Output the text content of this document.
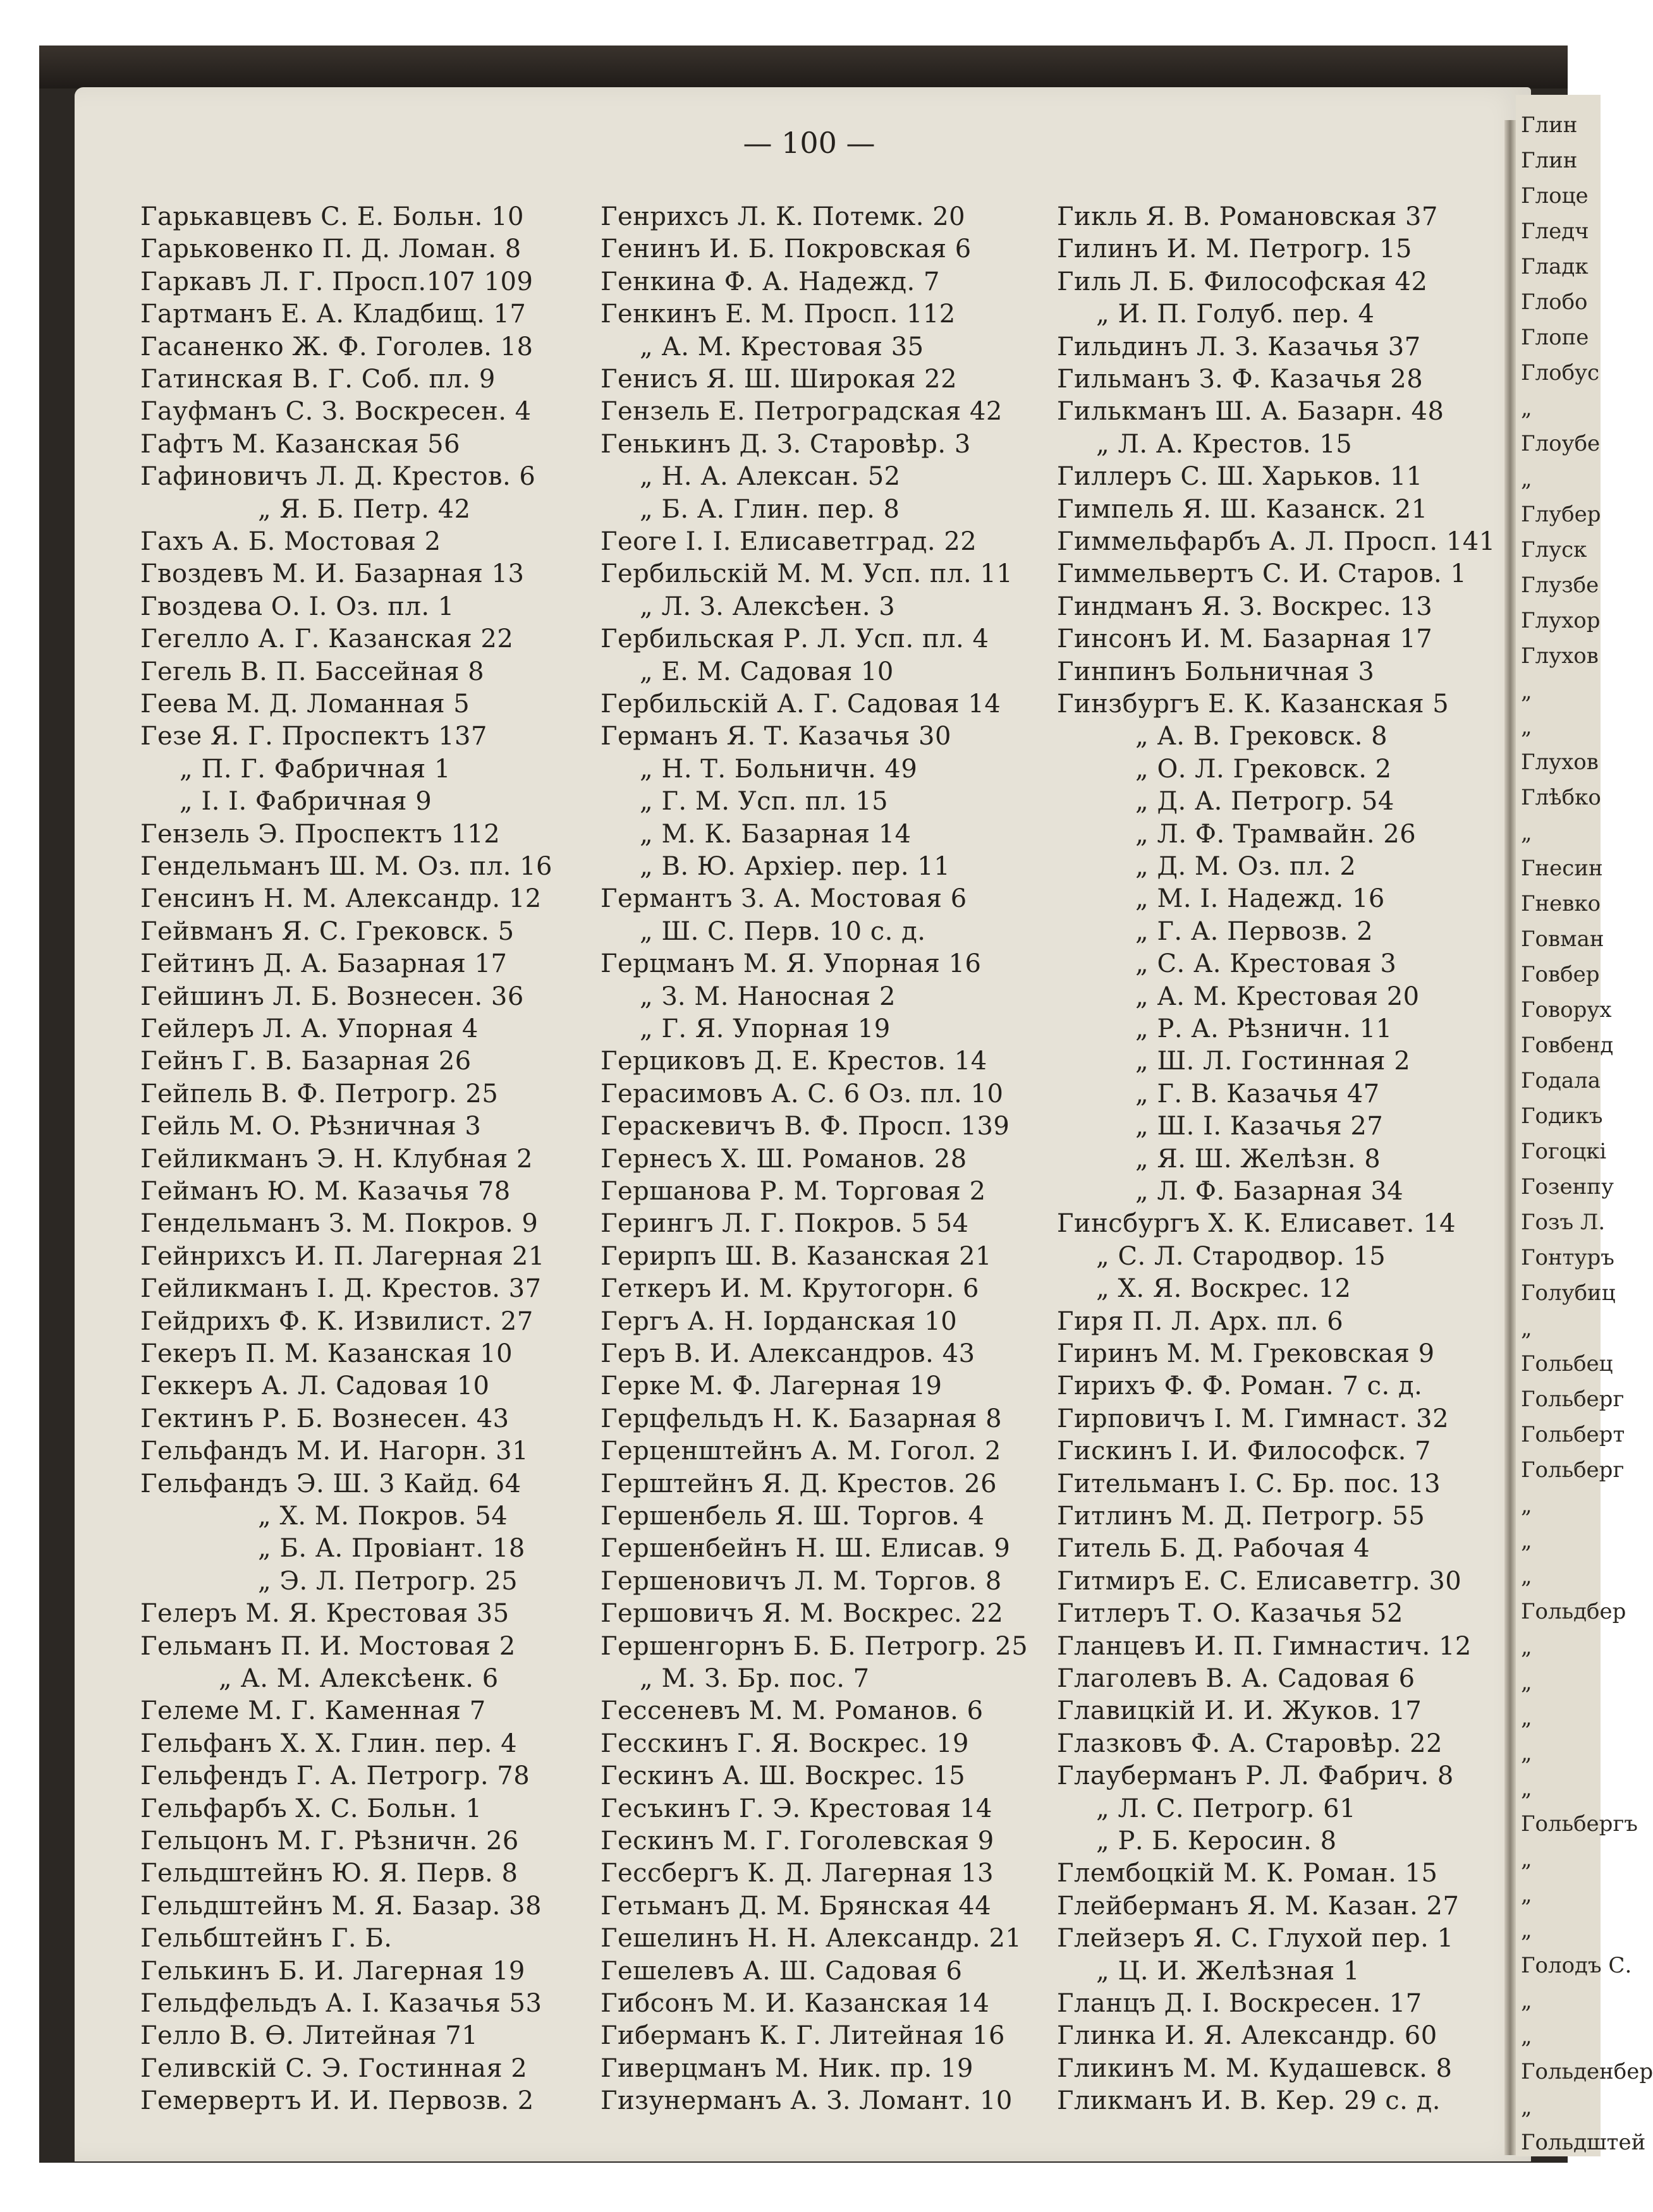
Глин
Глин
Глоце
Гледч
Гладк
Глобо
Глопе
Глобус
„
Глоубе
„
Глубер
Глуск
Глузбе
Глухор
Глухов
„
„
Глухов
Глѣбко
„
Гнесин
Гневко
Говман
Говбер
Говорух
Говбенд
Годала
Годикъ
Гогоцкі
Гозенпу
Гозъ Л.
Гонтуръ
Голубиц
„
Гольбец
Гольберг
Гольберт
Гольберг
„
„
„
Гольдбер
„
„
„
„
„
Гольбергъ
„
„
„
Голодъ С.
„
„
Гольденбер
„
Гольдштей
— 100 —
Гарькавцевъ С. Е. Больн. 10
Гарьковенко П. Д. Ломан. 8
Гаркавъ Л. Г. Просп.107 109
Гартманъ Е. А. Кладбищ. 17
Гасаненко Ж. Ф. Гоголев. 18
Гатинская В. Г. Соб. пл. 9
Гауфманъ С. З. Воскресен. 4
Гафтъ М. Казанская 56
Гафиновичъ Л. Д. Крестов. 6
„ Я. Б. Петр. 42
Гахъ А. Б. Мостовая 2
Гвоздевъ М. И. Базарная 13
Гвоздева О. І. Оз. пл. 1
Гегелло А. Г. Казанская 22
Гегель В. П. Бассейная 8
Геева М. Д. Ломанная 5
Гезе Я. Г. Проспектъ 137
„ П. Г. Фабричная 1
„ І. І. Фабричная 9
Гензель Э. Проспектъ 112
Гендельманъ Ш. М. Оз. пл. 16
Генсинъ Н. М. Александр. 12
Гейвманъ Я. С. Грековск. 5
Гейтинъ Д. А. Базарная 17
Гейшинъ Л. Б. Вознесен. 36
Гейлеръ Л. А. Упорная 4
Гейнъ Г. В. Базарная 26
Гейпель В. Ф. Петрогр. 25
Гейль М. О. Рѣзничная 3
Гейликманъ Э. Н. Клубная 2
Гейманъ Ю. М. Казачья 78
Гендельманъ З. М. Покров. 9
Гейнрихсъ И. П. Лагерная 21
Гейликманъ І. Д. Крестов. 37
Гейдрихъ Ф. К. Извилист. 27
Гекеръ П. М. Казанская 10
Геккеръ А. Л. Садовая 10
Гектинъ Р. Б. Вознесен. 43
Гельфандъ М. И. Нагорн. 31
Гельфандъ Э. Ш. 3 Кайд. 64
„ Х. М. Покров. 54
„ Б. А. Провіант. 18
„ Э. Л. Петрогр. 25
Гелеръ М. Я. Крестовая 35
Гельманъ П. И. Мостовая 2
„ А. М. Алексѣенк. 6
Гелеме М. Г. Каменная 7
Гельфанъ Х. Х. Глин. пер. 4
Гельфендъ Г. А. Петрогр. 78
Гельфарбъ Х. С. Больн. 1
Гельцонъ М. Г. Рѣзничн. 26
Гельдштейнъ Ю. Я. Перв. 8
Гельдштейнъ М. Я. Базар. 38
Гельбштейнъ Г. Б.
Гелькинъ Б. И. Лагерная 19
Гельдфельдъ А. І. Казачья 53
Гелло В. Ѳ. Литейная 71
Геливскій С. Э. Гостинная 2
Гемервертъ И. И. Первозв. 2
Генрихсъ Л. К. Потемк. 20
Генинъ И. Б. Покровская 6
Генкина Ф. А. Надежд. 7
Генкинъ Е. М. Просп. 112
„ А. М. Крестовая 35
Генисъ Я. Ш. Широкая 22
Гензель Е. Петроградская 42
Генькинъ Д. З. Старовѣр. 3
„ Н. А. Алексан. 52
„ Б. А. Глин. пер. 8
Геоге І. І. Елисаветград. 22
Гербильскій М. М. Усп. пл. 11
„ Л. З. Алексѣен. 3
Гербильская Р. Л. Усп. пл. 4
„ Е. М. Садовая 10
Гербильскій А. Г. Садовая 14
Германъ Я. Т. Казачья 30
„ Н. Т. Больничн. 49
„ Г. М. Усп. пл. 15
„ М. К. Базарная 14
„ В. Ю. Архіер. пер. 11
Германтъ З. А. Мостовая 6
„ Ш. С. Перв. 10 с. д.
Герцманъ М. Я. Упорная 16
„ З. М. Наносная 2
„ Г. Я. Упорная 19
Герциковъ Д. Е. Крестов. 14
Герасимовъ А. С. 6 Оз. пл. 10
Гераскевичъ В. Ф. Просп. 139
Гернесъ Х. Ш. Романов. 28
Гершанова Р. М. Торговая 2
Герингъ Л. Г. Покров. 5 54
Герирпъ Ш. В. Казанская 21
Геткеръ И. М. Крутогорн. 6
Гергъ А. Н. Іорданская 10
Геръ В. И. Александров. 43
Герке М. Ф. Лагерная 19
Герцфельдъ Н. К. Базарная 8
Герценштейнъ А. М. Гогол. 2
Герштейнъ Я. Д. Крестов. 26
Гершенбель Я. Ш. Торгов. 4
Гершенбейнъ Н. Ш. Елисав. 9
Гершеновичъ Л. М. Торгов. 8
Гершовичъ Я. М. Воскрес. 22
Гершенгорнъ Б. Б. Петрогр. 25
„ М. З. Бр. пос. 7
Гессеневъ М. М. Романов. 6
Гесскинъ Г. Я. Воскрес. 19
Гескинъ А. Ш. Воскрес. 15
Гесъкинъ Г. Э. Крестовая 14
Гескинъ М. Г. Гоголевская 9
Гессбергъ К. Д. Лагерная 13
Гетьманъ Д. М. Брянская 44
Гешелинъ Н. Н. Александр. 21
Гешелевъ А. Ш. Садовая 6
Гибсонъ М. И. Казанская 14
Гиберманъ К. Г. Литейная 16
Гиверцманъ М. Ник. пр. 19
Гизунерманъ А. З. Ломант. 10
Гикль Я. В. Романовская 37
Гилинъ И. М. Петрогр. 15
Гиль Л. Б. Философская 42
„ И. П. Голуб. пер. 4
Гильдинъ Л. З. Казачья 37
Гильманъ З. Ф. Казачья 28
Гилькманъ Ш. А. Базарн. 48
„ Л. А. Крестов. 15
Гиллеръ С. Ш. Харьков. 11
Гимпель Я. Ш. Казанск. 21
Гиммельфарбъ А. Л. Просп. 141
Гиммельвертъ С. И. Старов. 1
Гиндманъ Я. З. Воскрес. 13
Гинсонъ И. М. Базарная 17
Гинпинъ Больничная 3
Гинзбургъ Е. К. Казанская 5
„ А. В. Грековск. 8
„ О. Л. Грековск. 2
„ Д. А. Петрогр. 54
„ Л. Ф. Трамвайн. 26
„ Д. М. Оз. пл. 2
„ М. І. Надежд. 16
„ Г. А. Первозв. 2
„ С. А. Крестовая 3
„ А. М. Крестовая 20
„ Р. А. Рѣзничн. 11
„ Ш. Л. Гостинная 2
„ Г. В. Казачья 47
„ Ш. І. Казачья 27
„ Я. Ш. Желѣзн. 8
„ Л. Ф. Базарная 34
Гинсбургъ Х. К. Елисавет. 14
„ С. Л. Стародвор. 15
„ Х. Я. Воскрес. 12
Гиря П. Л. Арх. пл. 6
Гиринъ М. М. Грековская 9
Гирихъ Ф. Ф. Роман. 7 с. д.
Гирповичъ І. М. Гимнаст. 32
Гискинъ І. И. Философск. 7
Гительманъ І. С. Бр. пос. 13
Гитлинъ М. Д. Петрогр. 55
Гитель Б. Д. Рабочая 4
Гитмиръ Е. С. Елисаветгр. 30
Гитлеръ Т. О. Казачья 52
Гланцевъ И. П. Гимнастич. 12
Глаголевъ В. А. Садовая 6
Главицкій И. И. Жуков. 17
Глазковъ Ф. А. Старовѣр. 22
Глауберманъ Р. Л. Фабрич. 8
„ Л. С. Петрогр. 61
„ Р. Б. Керосин. 8
Глембоцкій М. К. Роман. 15
Глейберманъ Я. М. Казан. 27
Глейзеръ Я. С. Глухой пер. 1
„ Ц. И. Желѣзная 1
Гланцъ Д. І. Воскресен. 17
Глинка И. Я. Александр. 60
Гликинъ М. М. Кудашевск. 8
Гликманъ И. В. Кер. 29 с. д.
